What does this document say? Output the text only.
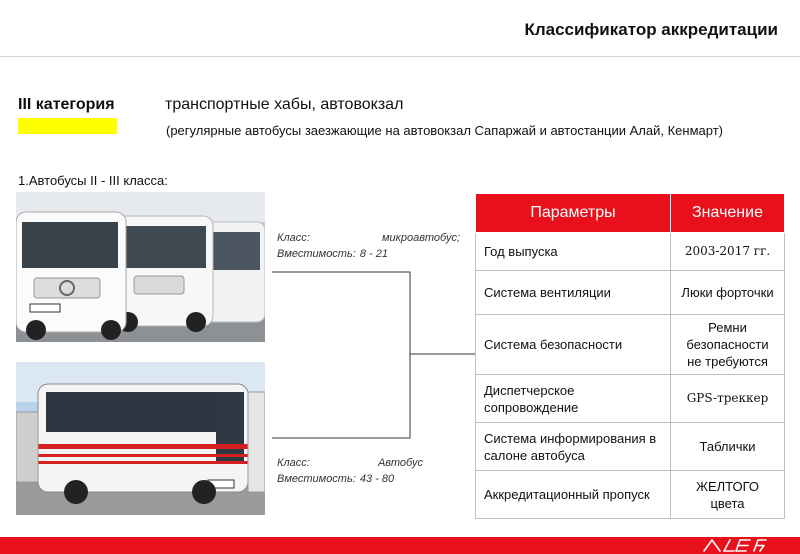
Классификатор аккредитации
III категория	транспортные хабы, автовокзал
(регулярные автобусы заезжающие на автовокзал Сапаржай и автостанции Алай, Кенмарт)
1.Автобусы II - III класса:
Класс:	микроавтобус;
Вместимость: 8 - 21
Класс:	Автобус
Вместимость: 43 - 80
Параметры	Значение
Год выпуска	2003-2017 гг.
Система вентиляции	Люки форточки
Система безопасности	Ремни безопасности не требуются
Диспетчерское сопровождение	GPS-треккер
Система информирования в салоне автобуса	Таблички
Аккредитационный пропуск	ЖЕЛТОГО цвета
